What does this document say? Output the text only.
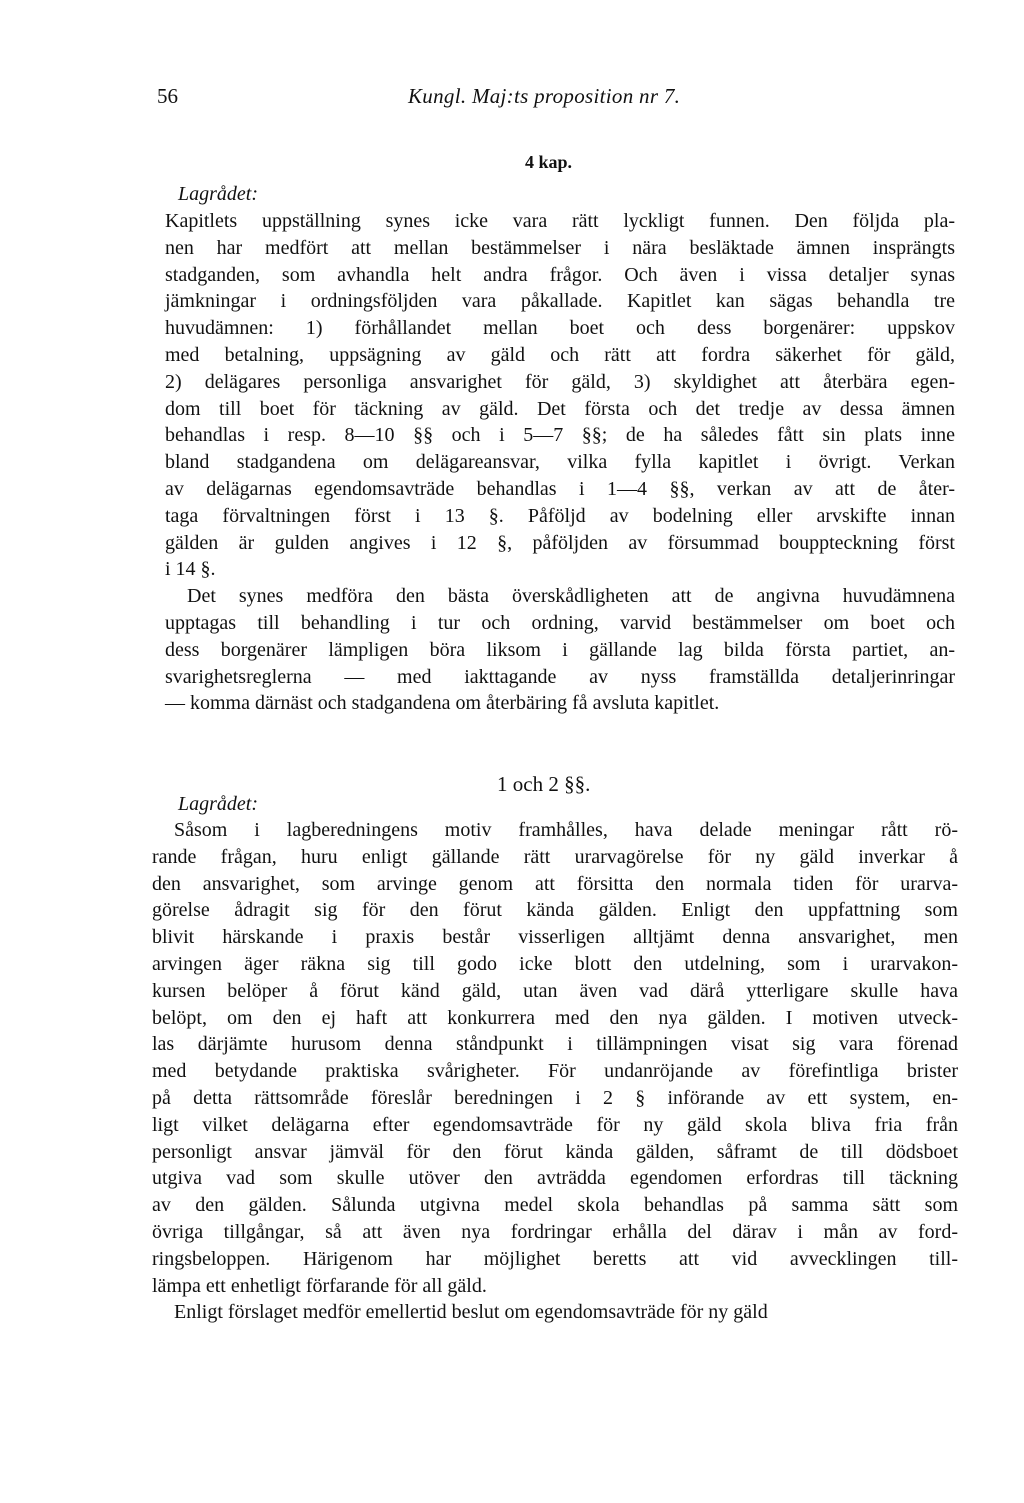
56	Kungl. Maj:ts proposition nr 7.
4 kap.
Lagrådet:
Kapitlets uppställning synes icke vara rätt lyckligt funnen. Den följda pla-
nen har medfört att mellan bestämmelser i nära besläktade ämnen insprängts
stadganden, som avhandla helt andra frågor. Och även i vissa detaljer synas
jämkningar i ordningsföljden vara påkallade. Kapitlet kan sägas behandla tre
huvudämnen: 1) förhållandet mellan boet och dess borgenärer: uppskov
med betalning, uppsägning av gäld och rätt att fordra säkerhet för gäld,
2) delägares personliga ansvarighet för gäld, 3) skyldighet att återbära egen-
dom till boet för täckning av gäld. Det första och det tredje av dessa ämnen
behandlas i resp. 8—10 §§ och i 5—7 §§; de ha således fått sin plats inne
bland stadgandena om delägareansvar, vilka fylla kapitlet i övrigt. Verkan
av delägarnas egendomsavträde behandlas i 1—4 §§, verkan av att de åter-
taga förvaltningen först i 13 §. Påföljd av bodelning eller arvskifte innan
gälden är gulden angives i 12 §, påföljden av försummad bouppteckning först
i 14 §.
Det synes medföra den bästa överskådligheten att de angivna huvudämnena
upptagas till behandling i tur och ordning, varvid bestämmelser om boet och
dess borgenärer lämpligen böra liksom i gällande lag bilda första partiet, an-
svarighetsreglerna — med iakttagande av nyss framställda detaljerinringar
— komma därnäst och stadgandena om återbäring få avsluta kapitlet.
1 och 2 §§.
Lagrådet:
Såsom i lagberedningens motiv framhålles, hava delade meningar rått rö-
rande frågan, huru enligt gällande rätt urarvagörelse för ny gäld inverkar å
den ansvarighet, som arvinge genom att försitta den normala tiden för urarva-
görelse ådragit sig för den förut kända gälden. Enligt den uppfattning som
blivit härskande i praxis består visserligen alltjämt denna ansvarighet, men
arvingen äger räkna sig till godo icke blott den utdelning, som i urarvakon-
kursen belöper å förut känd gäld, utan även vad därå ytterligare skulle hava
belöpt, om den ej haft att konkurrera med den nya gälden. I motiven utveck-
las därjämte hurusom denna ståndpunkt i tillämpningen visat sig vara förenad
med betydande praktiska svårigheter. För undanröjande av förefintliga brister
på detta rättsområde föreslår beredningen i 2 § införande av ett system, en-
ligt vilket delägarna efter egendomsavträde för ny gäld skola bliva fria från
personligt ansvar jämväl för den förut kända gälden, såframt de till dödsboet
utgiva vad som skulle utöver den avträdda egendomen erfordras till täckning
av den gälden. Sålunda utgivna medel skola behandlas på samma sätt som
övriga tillgångar, så att även nya fordringar erhålla del därav i mån av ford-
ringsbeloppen. Härigenom har möjlighet beretts att vid avvecklingen till-
lämpa ett enhetligt förfarande för all gäld.
Enligt förslaget medför emellertid beslut om egendomsavträde för ny gäld
